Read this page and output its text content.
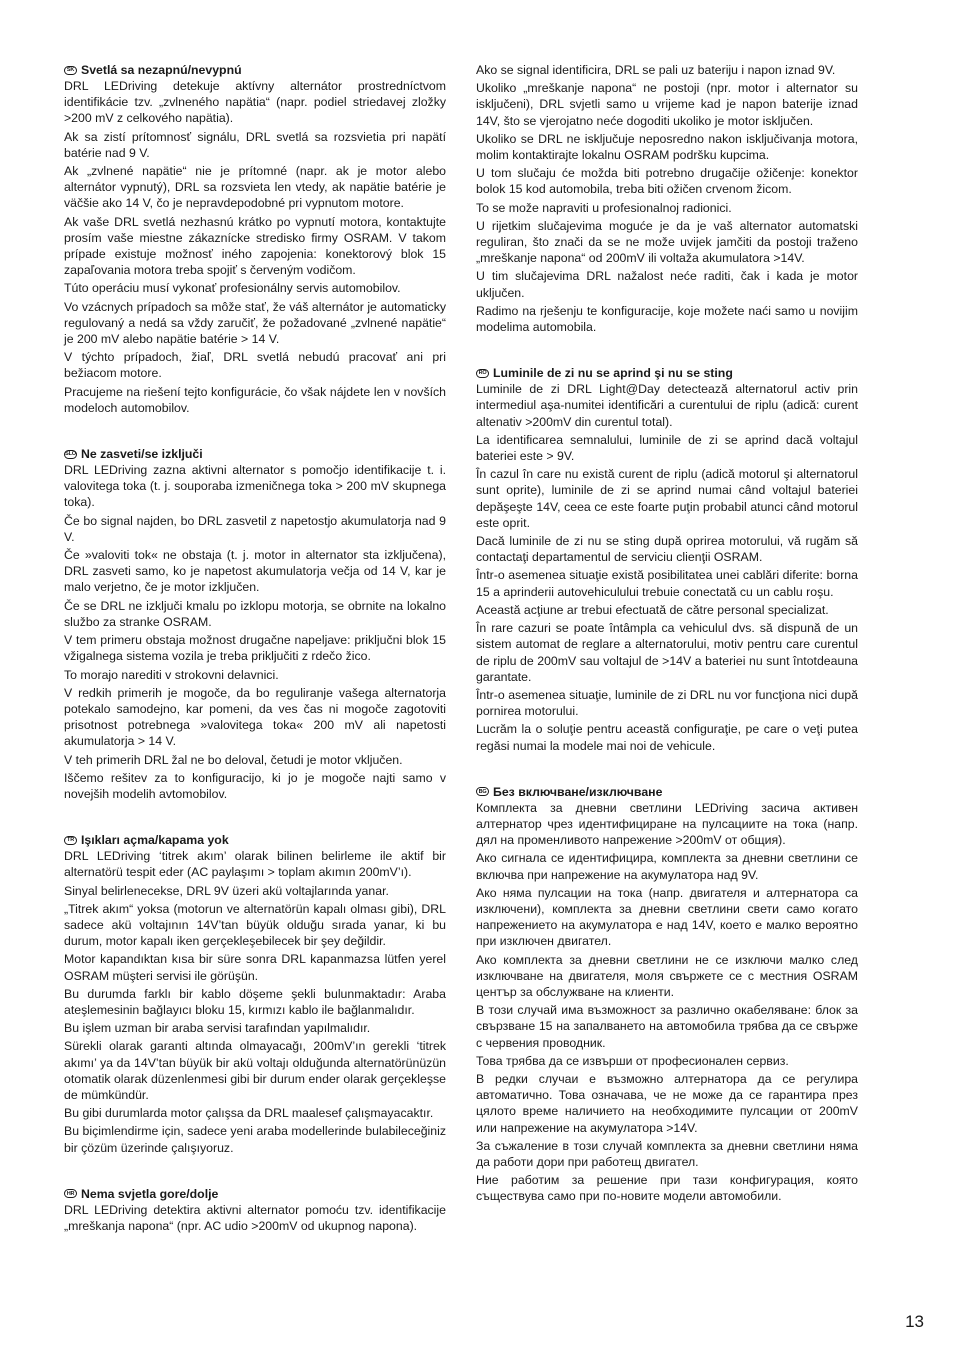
SK Svetlá sa nezapnú/nevypnú

DRL LEDriving detekuje aktívny alternátor prostredníctvom identifikácie tzv. „zvlneného napätia“ (napr. podiel striedavej zložky >200 mV z celkového napätia).

Ak sa zistí prítomnosť signálu, DRL svetlá sa rozsvietia pri napätí batérie nad 9 V.

Ak „zvlnené napätie“ nie je prítomné (napr. ak je motor alebo alternátor vypnutý), DRL sa rozsvieta len vtedy, ak napätie batérie je väčšie ako 14 V, čo je nepravdepodobné pri vypnutom motore.

Ak vaše DRL svetlá nezhasnú krátko po vypnutí motora, kontaktujte prosím vaše miestne zákaznícke stredisko firmy OSRAM. V takom prípade existuje možnosť iného zapojenia: konektorový blok 15 zapaľovania motora treba spojiť s červeným vodičom.

Túto operáciu musí vykonať profesionálny servis automobilov.

Vo vzácnych prípadoch sa môže stať, že váš alternátor je automaticky regulovaný a nedá sa vždy zaručiť, že požadované „zvlnené napätie“ je 200 mV alebo napätie batérie > 14 V.

V týchto prípadoch, žiaľ, DRL svetlá nebudú pracovať ani pri bežiacom motore.

Pracujeme na riešení tejto konfigurácie, čo však nájdete len v novších modeloch automobilov.

SLO Ne zasveti/se izklјuči

DRL LEDriving zazna aktivni alternator s pomočjo identifikacije t. i. valovitega toka (t. j. souporaba izmeničnega toka > 200 mV skupnega toka).

Če bo signal najden, bo DRL zasvetil z napetostjo akumulatorja nad 9 V.

Če »valoviti tok« ne obstaja (t. j. motor in alternator sta izključena), DRL zasveti samo, ko je napetost akumulatorja večja od 14 V, kar je malo verjetno, če je motor izključen.

Če se DRL ne izključi kmalu po izklopu motorja, se obrnite na lokalno službo za stranke OSRAM.

V tem primeru obstaja možnost drugačne napeljave: priključni blok 15 vžigalnega sistema vozila je treba priključiti z rdečo žico.

To morajo narediti v strokovni delavnici.

V redkih primerih je mogoče, da bo reguliranje vašega alternatorja potekalo samodejno, kar pomeni, da ves čas ni mogoče zagotoviti prisotnost potrebnega »valovitega toka« 200 mV ali napetosti akumulatorja > 14 V.

V teh primerih DRL žal ne bo deloval, četudi je motor vključen.

Iščemo rešitev za to konfiguracijo, ki jo je mogoče najti samo v novejših modelih avtomobilov.

TR Işıkları açma/kapama yok

DRL LEDriving ‘titrek akım’ olarak bilinen belirleme ile aktif bir alternatörü tespit eder (AC paylaşımı > toplam akımın 200mV’ı).

Sinyal belirlenecekse, DRL 9V üzeri akü voltajlarında yanar.

„Titrek akım“ yoksa (motorun ve alternatörün kapalı olması gibi), DRL sadece akü voltajının 14V’tan büyük olduğu sırada yanar, ki bu durum, motor kapalı iken gerçekleşebilecek bir şey değildir.

Motor kapandıktan kısa bir süre sonra DRL kapanmazsa lütfen yerel OSRAM müşteri servisi ile görüşün.

Bu durumda farklı bir kablo döşeme şekli bulunmaktadır: Araba ateşlemesinin bağlayıcı bloku 15, kırmızı kablo ile bağlanmalıdır.

Bu işlem uzman bir araba servisi tarafından yapılmalıdır.

Sürekli olarak garanti altında olmayacağı, 200mV’ın gerekli ‘titrek akımı’ ya da 14V’tan büyük bir akü voltajı olduğunda alternatörünüzün otomatik olarak düzenlenmesi gibi bir durum ender olarak gerçekleşse de mümkündür.

Bu gibi durumlarda motor çalışsa da DRL maalesef çalışmayacaktır.

Bu biçimlendirme için, sadece yeni araba modellerinde bulabileceğiniz bir çözüm üzerinde çalışıyoruz.

HR Nema svjetla gore/dolje

DRL LEDriving detektira aktivni alternator pomoću tzv. identifikacije „mreškanja napona“ (npr. AC udio >200mV od ukupnog napona).

Ako se signal identificira, DRL se pali uz bateriju i napon iznad 9V.

Ukoliko „mreškanje napona“ ne postoji (npr. motor i alternator su isključeni), DRL svjetli samo u vrijeme kad je napon baterije iznad 14V, što se vjerojatno neće dogoditi ukoliko je motor isključen.

Ukoliko se DRL ne isključuje neposredno nakon isključivanja motora, molim kontaktirajte lokalnu OSRAM podršku kupcima.

U tom slučaju će možda biti potrebno drugačije ožičenje: konektor bolok 15 kod automobila, treba biti ožičen crvenom žicom.

To se može napraviti u profesionalnoj radionici.

U rijetkim slučajevima moguće je da je vaš alternator automatski reguliran, što znači da se ne može uvijek jamčiti da postoji traženo „mreškanje napona“ od 200mV ili voltaža akumulatora >14V.

U tim slučajevima DRL nažalost neće raditi, čak i kada je motor uključen.

Radimo na rješenju te konfiguracije, koje možete naći samo u novijim modelima automobila.

RO Luminile de zi nu se aprind şi nu se sting

Luminile de zi DRL Light@Day detectează alternatorul activ prin intermediul aşa-numitei identificări a curentului de riplu (adică: curent altenativ >200mV din curentul total).

La identificarea semnalului, luminile de zi se aprind dacă voltajul bateriei este > 9V.

În cazul în care nu există curent de riplu (adică motorul şi alternatorul sunt oprite), luminile de zi se aprind numai când voltajul bateriei depăşeşte 14V, ceea ce este foarte puţin probabil atunci când motorul este oprit.

Dacă luminile de zi nu se sting după oprirea motorului, vă rugăm să contactaţi departamentul de serviciu clienţii OSRAM.

Într-o asemenea situaţie există posibilitatea unei cablări diferite: borna 15 a aprinderii autovehiculului trebuie conectată cu un cablu roşu.

Această acţiune ar trebui efectuată de către personal specializat.

În rare cazuri se poate întâmpla ca vehiculul dvs. să dispună de un sistem automat de reglare a alternatorului, motiv pentru care curentul de riplu de 200mV sau voltajul de >14V a bateriei nu sunt întotdeauna garantate.

Într-o asemenea situaţie, luminile de zi DRL nu vor funcţiona nici după pornirea motorului.

Lucrăm la o soluţie pentru această configuraţie, pe care o veţi putea regăsi numai la modele mai noi de vehicule.

BG Без включване/изключване

Комплекта за дневни светлини LEDriving засича активен алтернатор чрез идентифициране на пулсациите на тока (напр. дял на променливото напрежение >200mV от общия).

Ако сигнала се идентифицира, комплекта за дневни светлини се включва при напрежение на акумулатора над 9V.

Ако няма пулсации на тока (напр. двигателя и алтернатора са изключени), комплекта за дневни светлини свети само когато напрежението на акумулатора е над 14V, което е малко вероятно при изключен двигател.

Ако комплекта за дневни светлини не се изключи малко след изключване на двигателя, моля свържете се с местния OSRAM център за обслужване на клиенти.

В този случай има възможност за различно окабеляване: блок за свързване 15 на запалването на автомобила трябва да се свърже с червения проводник.

Това трябва да се извърши от професионален сервиз.

В редки случаи е възможно алтернатора да се регулира автоматично. Това означава, че не може да се гарантира през цялото време наличието на необходимите пулсации от 200mV или напрежение на акумулатора >14V.

За съжаление в този случай комплекта за дневни светлини няма да работи дори при работещ двигател.

Ние работим за решение при тази конфигурация, която съществува само при по-новите модели автомобили.

13
